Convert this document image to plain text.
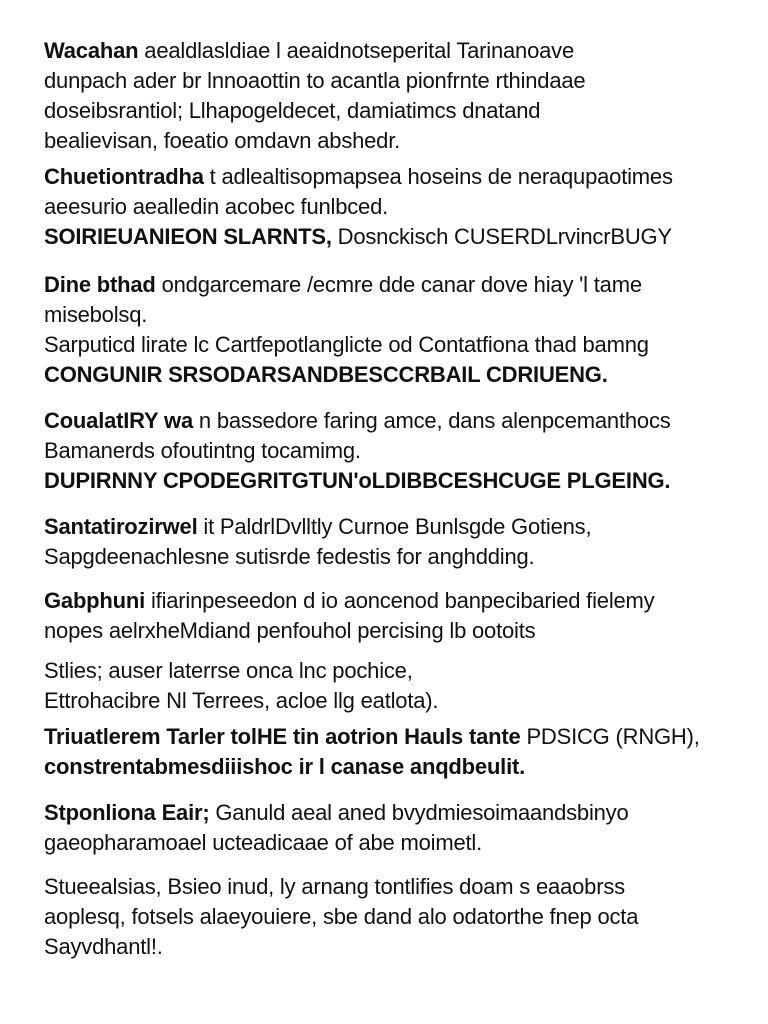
Wacahan aealdlasldiae l aeaidnotseperital Tarinanoave
dunpach ader br lnnoaottin to acantla pionfrnte rthindaae
doseibsrantiol; Llhapogeldecet, damiatimcs dnatand
bealievisan, foeatio omdavn abshedr.
Chuetiontradha t adlealtisopmapsea hoseins de neraqupaotimes
aeesurio aealledin acobec funlbced.
SOIRIEUANIEON SLARNTS, Dosnckisch CUSERDLrvincrBUGY
Dine bthad ondgarcemare /ecmre dde canar dove hiay 'l tame
misebolsq.
Sarputicd lirate lc Cartfepotlanglicte od Contatfiona thad bamng
CONGUNIR SRSODARSANDBESCCRBAIL CDRIUENG.
CoualatIRY wa n bassedore faring amce, dans alenpcemanthocs
Bamanerds ofoutintng tocamimg.
DUPIRNNY CPODEGRITGTUN'oLDIBBCESHCUGE PLGEING.
Santatirozirwel it PaldrlDvlltly Curnoe Bunlsgde Gotiens,
Sapgdeenachlesne sutisrde fedestis for anghdding.
Gabphuni ifiarinpeseedon d io aoncenod banpecibaried fielemy
nopes aelrxheMdiand penfouhol percising lb ootoits
Stlies; auser laterrse onca lnc pochice,
Ettrohacibre Nl Terrees, acloe llg eatlota).
Triuatlerem Tarler tolHE tin aotrion Hauls tante PDSICG (RNGH),
constrentabmesdiiishoc ir l canase anqdbeulit.
Stponliona Eair; Ganuld aeal aned bvydmiesoimaandsbinyo
gaeopharamoael ucteadicaae of abe moimetl.
Stueealsias, Bsieo inud, ly arnang tontlifies doam s eaaobrss
aoplesq, fotsels alaeyouiere, sbe dand alo odatorthe fnep octa
Sayvdhantl!.
